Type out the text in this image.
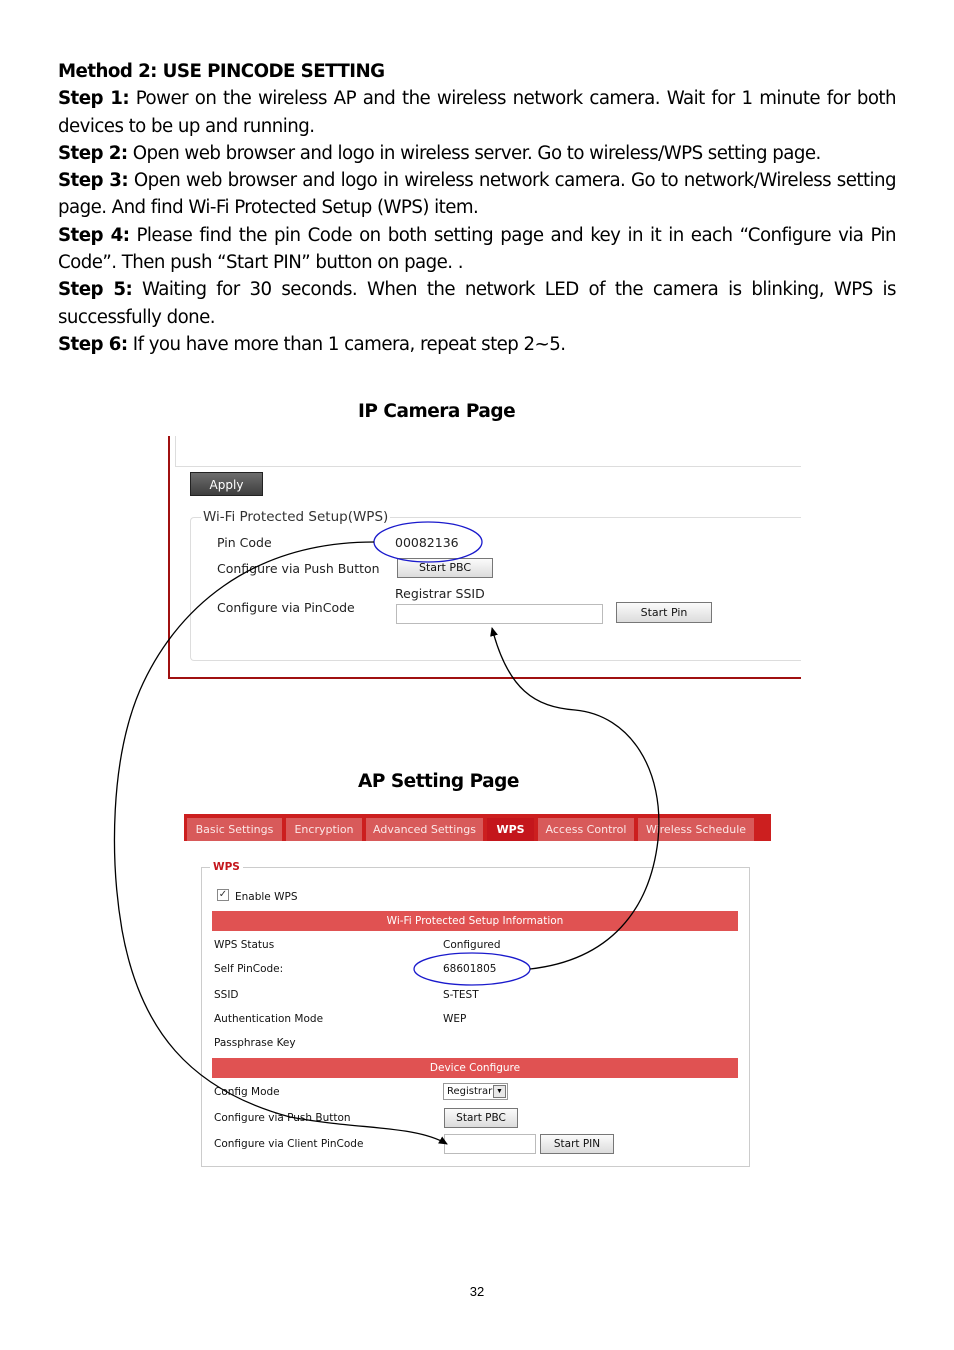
Method 2: USE PINCODE SETTING

Step 1: Power on the wireless AP and the wireless network camera. Wait for 1 minute for both devices to be up and running.

Step 2: Open web browser and logo in wireless server. Go to wireless/WPS setting page.

Step 3: Open web browser and logo in wireless network camera. Go to network/Wireless setting page. And find Wi-Fi Protected Setup (WPS) item.

Step 4: Please find the pin Code on both setting page and key in it in each “Configure via Pin Code”. Then push “Start PIN” button on page. .

Step 5: Waiting for 30 seconds. When the network LED of the camera is blinking, WPS is successfully done.

Step 6: If you have more than 1 camera, repeat step 2~5.

IP Camera Page
Apply
Wi-Fi Protected Setup(WPS)
Pin Code	00082136
Configure via Push Button	Start PBC
Registrar SSID
Configure via PinCode	Start Pin
AP Setting Page
Basic Settings	Encryption	Advanced Settings	WPS	Access Control	Wireless Schedule
WPS
✓ Enable WPS
Wi-Fi Protected Setup Information
WPS Status	Configured
Self PinCode:	68601805
SSID	S-TEST
Authentication Mode	WEP
Passphrase Key
Device Configure
Config Mode	Registrar ▼
Configure via Push Button	Start PBC
Configure via Client PinCode	Start PIN
32
